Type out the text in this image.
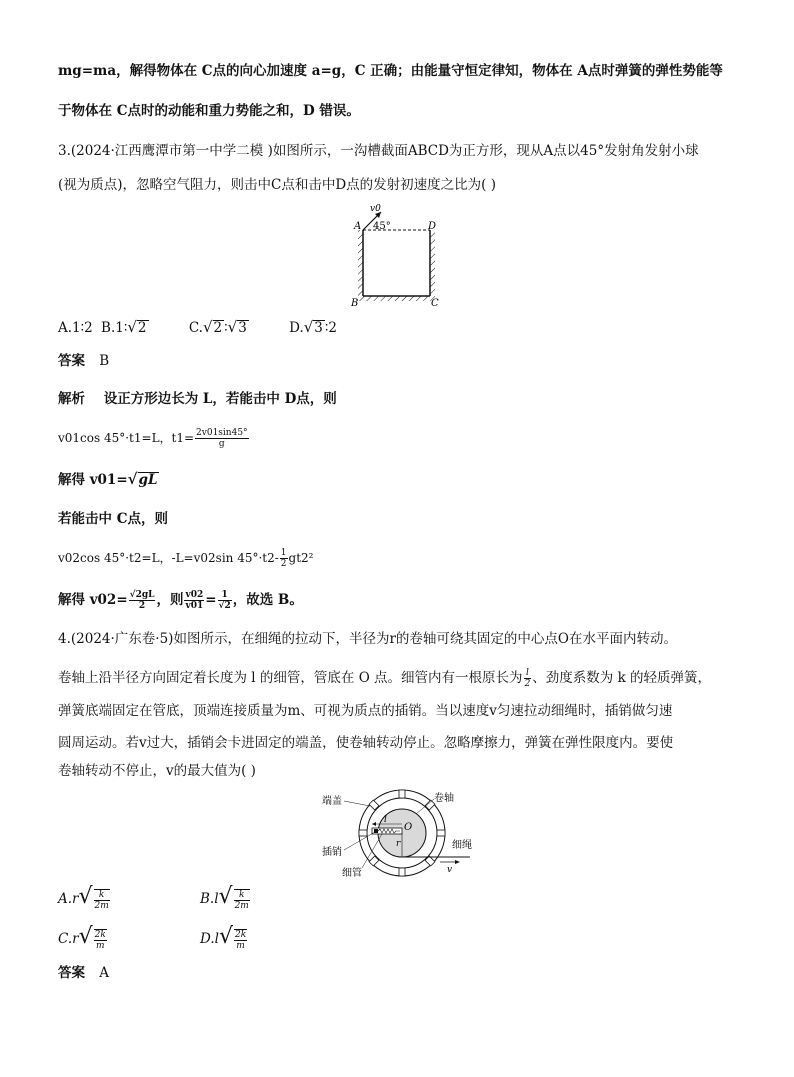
mg=ma，解得物体在 C点的向心加速度 a=g，C 正确；由能量守恒定律知，物体在 A点时弹簧的弹性势能等
于物体在 C点时的动能和重力势能之和，D 错误。
3.(2024·江西鹰潭市第一中学二模 )如图所示，一沟槽截面ABCD为正方形，现从A点以45°发射角发射小球
(视为质点)，忽略空气阻力，则击中C点和击中D点的发射初速度之比为( )
v0
A 45°	D
B	C
A.1∶2 B.1∶√2	C.√2 ∶√3	D.√3 ∶2
答案 B
解析 设正方形边长为 L，若能击中 D点，则
v01cos 45°·t1=L，$t1= \frac{2v01\sin 45^\circ}{g}$
解得 v01=√gL
若能击中 C点，则
v02cos 45°·t2=L，-L=v02sin $45^\circ\cdot t2- \frac{1}{2} gt2^2$
解得 $v02= \frac{√2gL}{2}$ ，则 $\frac{v02}{v01} = \frac{1}{√2}$ ，故选 B。
4.(2024·广东卷·5)如图所示，在细绳的拉动下，半径为r的卷轴可绕其固定的中心点O在水平面内转动。
卷轴上沿半径方向固定着长度为 l 的细管，管底在 O 点。细管内有一根原长为 $\frac{l}{2}$ 、劲度系数为 k 的轻质弹簧，
弹簧底端固定在管底，顶端连接质量为m、可视为质点的插销。当以速度v匀速拉动细绳时，插销做匀速
圆周运动。若v过大，插销会卡进固定的端盖，使卷轴转动停止。忽略摩擦力，弹簧在弹性限度内。要使
卷轴转动不停止，v的最大值为( )
l
O
r
v
端盖	卷轴
细绳
插销
细管
$A.r√ \frac{k}{2m}$	$B.l√ \frac{k}{2m}$
$C.r√ \frac{2k}{m}$	$D.l√ \frac{2k}{m}$
答案 A
